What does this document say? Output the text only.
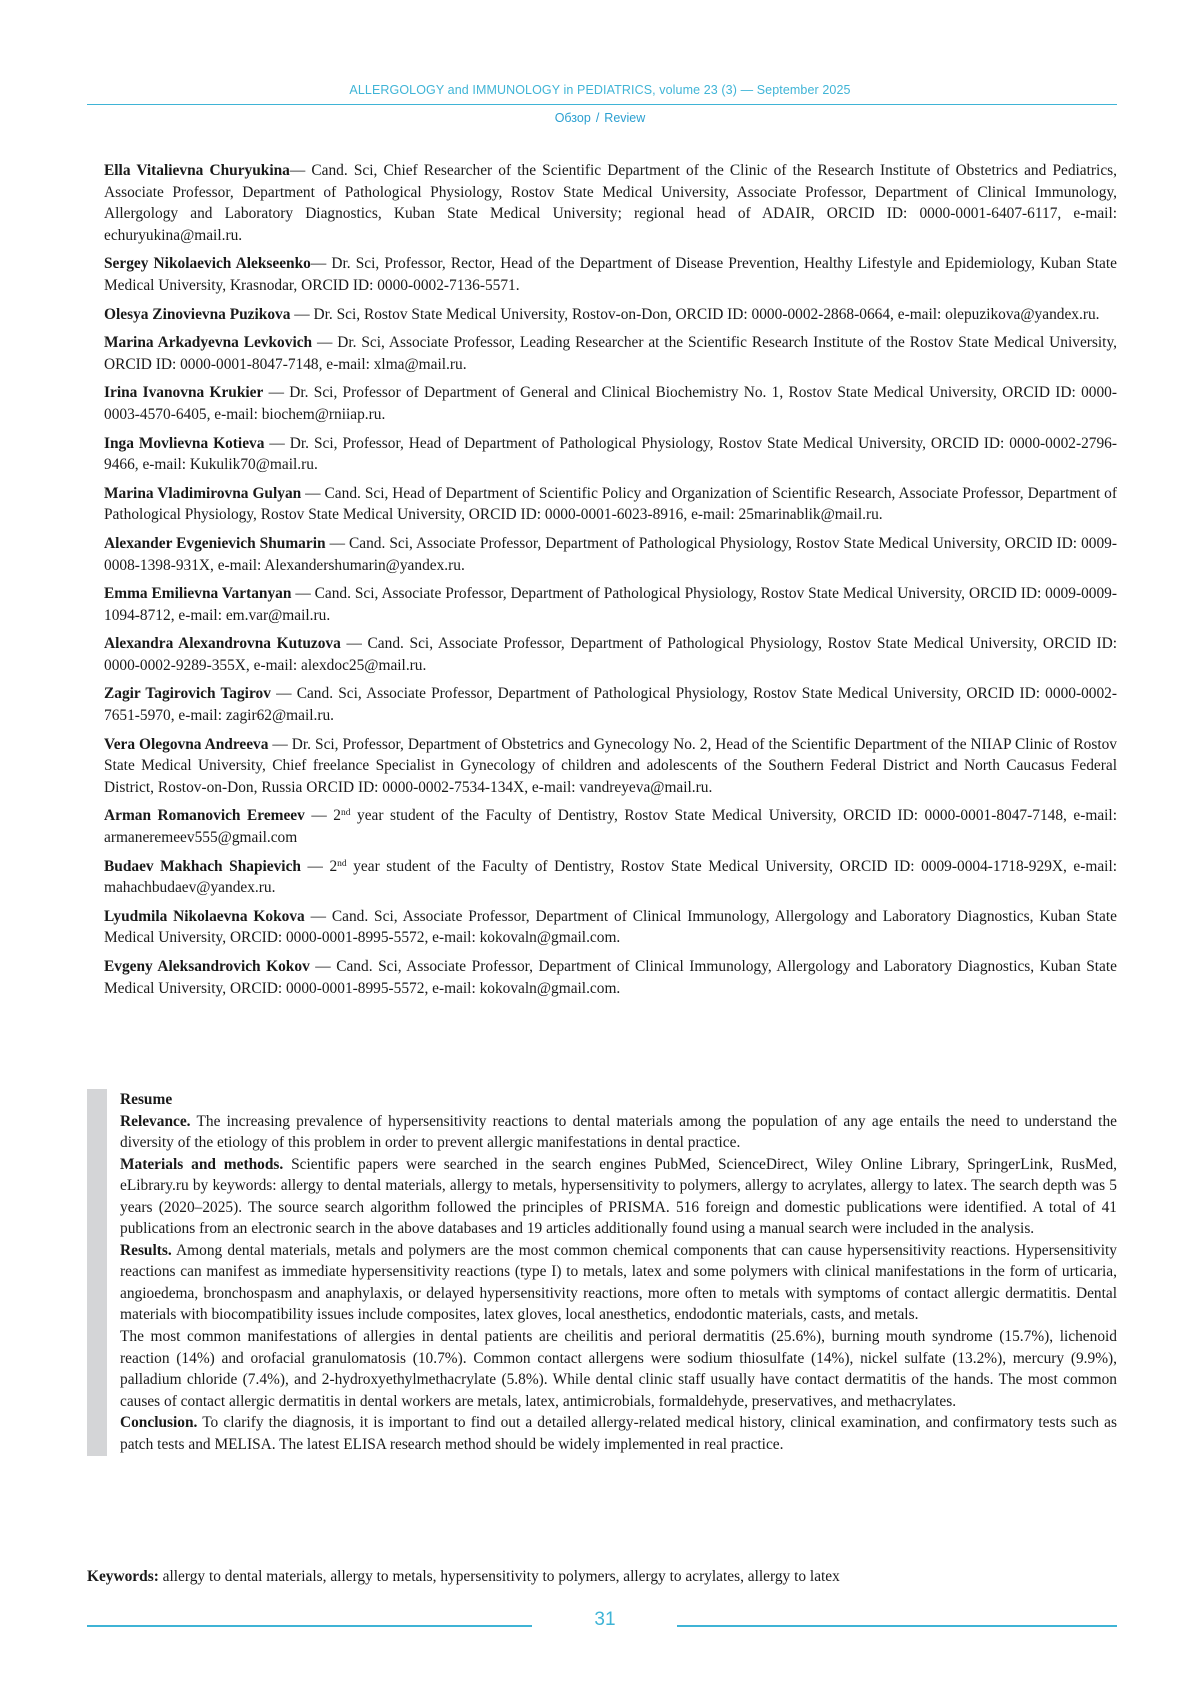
ALLERGOLOGY and IMMUNOLOGY in PEDIATRICS, volume 23 (3) — September 2025
Обзор / Review

Ella Vitalievna Churyukina— Cand. Sci, Chief Researcher of the Scientific Department of the Clinic of the Research Institute of Obstetrics and Pediatrics, Associate Professor, Department of Pathological Physiology, Rostov State Medical University, Associate Professor, Department of Clinical Immunology, Allergology and Laboratory Diagnostics, Kuban State Medical University; regional head of ADAIR, ORCID ID: 0000-0001-6407-6117, e-mail: echuryukina@mail.ru.

Sergey Nikolaevich Alekseenko— Dr. Sci, Professor, Rector, Head of the Department of Disease Prevention, Healthy Lifestyle and Epidemiology, Kuban State Medical University, Krasnodar, ORCID ID: 0000-0002-7136-5571.

Olesya Zinovievna Puzikova — Dr. Sci, Rostov State Medical University, Rostov-on-Don, ORCID ID: 0000-0002-2868-0664, e-mail: olepuzikova@yandex.ru.

Marina Arkadyevna Levkovich — Dr. Sci, Associate Professor, Leading Researcher at the Scientific Research Institute of the Rostov State Medical University, ORCID ID: 0000-0001-8047-7148, e-mail: xlma@mail.ru.

Irina Ivanovna Krukier — Dr. Sci, Professor of Department of General and Clinical Biochemistry No. 1, Rostov State Medical University, ORCID ID: 0000-0003-4570-6405, e-mail: biochem@rniiap.ru.

Inga Movlievna Kotieva — Dr. Sci, Professor, Head of Department of Pathological Physiology, Rostov State Medical University, ORCID ID: 0000-0002-2796-9466, e-mail: Kukulik70@mail.ru.

Marina Vladimirovna Gulyan — Cand. Sci, Head of Department of Scientific Policy and Organization of Scientific Research, Associate Professor, Department of Pathological Physiology, Rostov State Medical University, ORCID ID: 0000-0001-6023-8916, e-mail: 25marinablik@mail.ru.

Alexander Evgenievich Shumarin — Cand. Sci, Associate Professor, Department of Pathological Physiology, Rostov State Medical University, ORCID ID: 0009-0008-1398-931X, e-mail: Alexandershumarin@yandex.ru.

Emma Emilievna Vartanyan — Cand. Sci, Associate Professor, Department of Pathological Physiology, Rostov State Medical University, ORCID ID: 0009-0009-1094-8712, e-mail: em.var@mail.ru.

Alexandra Alexandrovna Kutuzova — Cand. Sci, Associate Professor, Department of Pathological Physiology, Rostov State Medical University, ORCID ID: 0000-0002-9289-355X, e-mail: alexdoc25@mail.ru.

Zagir Tagirovich Tagirov — Cand. Sci, Associate Professor, Department of Pathological Physiology, Rostov State Medical University, ORCID ID: 0000-0002-7651-5970, e-mail: zagir62@mail.ru.

Vera Olegovna Andreeva — Dr. Sci, Professor, Department of Obstetrics and Gynecology No. 2, Head of the Scientific Department of the NIIAP Clinic of Rostov State Medical University, Chief freelance Specialist in Gynecology of children and adolescents of the Southern Federal District and North Caucasus Federal District, Rostov-on-Don, Russia ORCID ID: 0000-0002-7534-134X, e-mail: vandreyeva@mail.ru.

Arman Romanovich Eremeev — 2nd year student of the Faculty of Dentistry, Rostov State Medical University, ORCID ID: 0000-0001-8047-7148, e-mail: armaneremeev555@gmail.com

Budaev Makhach Shapievich — 2nd year student of the Faculty of Dentistry, Rostov State Medical University, ORCID ID: 0009-0004-1718-929X, e-mail: mahachbudaev@yandex.ru.

Lyudmila Nikolaevna Kokova — Cand. Sci, Associate Professor, Department of Clinical Immunology, Allergology and Laboratory Diagnostics, Kuban State Medical University, ORCID: 0000-0001-8995-5572, e-mail: kokovaln@gmail.com.

Evgeny Aleksandrovich Kokov — Cand. Sci, Associate Professor, Department of Clinical Immunology, Allergology and Laboratory Diagnostics, Kuban State Medical University, ORCID: 0000-0001-8995-5572, e-mail: kokovaln@gmail.com.

Resume

Relevance. The increasing prevalence of hypersensitivity reactions to dental materials among the population of any age entails the need to understand the diversity of the etiology of this problem in order to prevent allergic manifestations in dental practice.

Materials and methods. Scientific papers were searched in the search engines PubMed, ScienceDirect, Wiley Online Library, SpringerLink, RusMed, eLibrary.ru by keywords: allergy to dental materials, allergy to metals, hypersensitivity to polymers, allergy to acrylates, allergy to latex. The search depth was 5 years (2020–2025). The source search algorithm followed the principles of PRISMA. 516 foreign and domestic publications were identified. A total of 41 publications from an electronic search in the above databases and 19 articles additionally found using a manual search were included in the analysis.

Results. Among dental materials, metals and polymers are the most common chemical components that can cause hypersensitivity reactions. Hypersensitivity reactions can manifest as immediate hypersensitivity reactions (type I) to metals, latex and some polymers with clinical manifestations in the form of urticaria, angioedema, bronchospasm and anaphylaxis, or delayed hypersensitivity reactions, more often to metals with symptoms of contact allergic dermatitis. Dental materials with biocompatibility issues include composites, latex gloves, local anesthetics, endodontic materials, casts, and metals.

The most common manifestations of allergies in dental patients are cheilitis and perioral dermatitis (25.6%), burning mouth syndrome (15.7%), lichenoid reaction (14%) and orofacial granulomatosis (10.7%). Common contact allergens were sodium thiosulfate (14%), nickel sulfate (13.2%), mercury (9.9%), palladium chloride (7.4%), and 2-hydroxyethylmethacrylate (5.8%). While dental clinic staff usually have contact dermatitis of the hands. The most common causes of contact allergic dermatitis in dental workers are metals, latex, antimicrobials, formaldehyde, preservatives, and methacrylates.

Conclusion. To clarify the diagnosis, it is important to find out a detailed allergy-related medical history, clinical examination, and confirmatory tests such as patch tests and MELISA. The latest ELISA research method should be widely implemented in real practice.

Keywords: allergy to dental materials, allergy to metals, hypersensitivity to polymers, allergy to acrylates, allergy to latex
31
